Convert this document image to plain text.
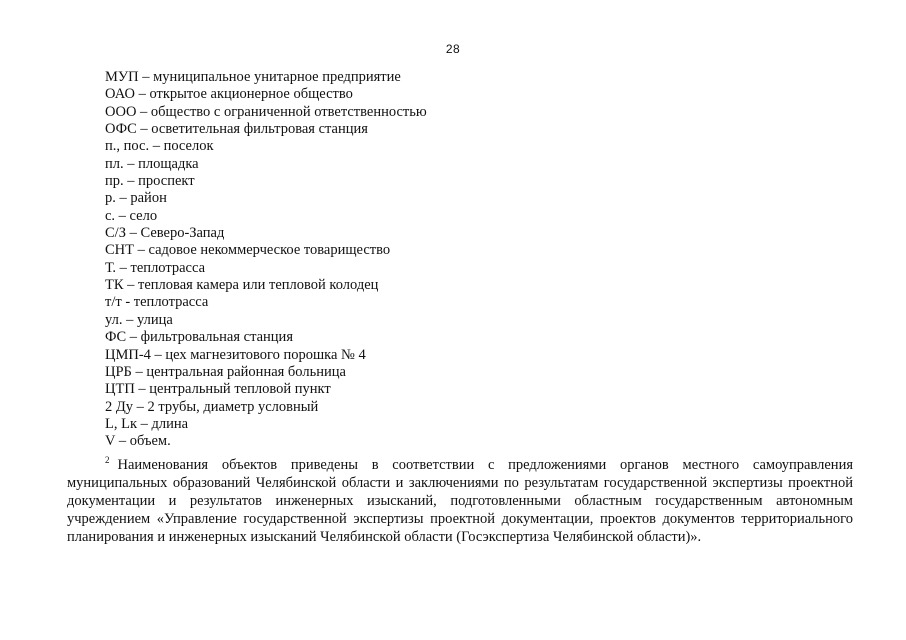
28
МУП – муниципальное унитарное предприятие
ОАО – открытое акционерное общество
ООО – общество с ограниченной ответственностью
ОФС – осветительная фильтровая станция
п., пос. – поселок
пл. – площадка
пр. – проспект
р. – район
с. – село
С/З – Северо-Запад
СНТ – садовое некоммерческое товарищество
Т. – теплотрасса
ТК – тепловая камера или тепловой колодец
т/т - теплотрасса
ул. – улица
ФС – фильтровальная станция
ЦМП-4 – цех магнезитового порошка № 4
ЦРБ – центральная районная больница
ЦТП – центральный тепловой пункт
2 Ду – 2 трубы, диаметр условный
L, Lк – длина
V – объем.

$^2$ Наименования объектов приведены в соответствии с предложениями органов местного самоуправления муниципальных образований Челябинской области и заключениями по результатам государственной экспертизы проектной документации и результатов инженерных изысканий, подготовленными областным государственным автономным учреждением «Управление государственной экспертизы проектной документации, проектов документов территориального планирования и инженерных изысканий Челябинской области (Госэкспертиза Челябинской области)».
